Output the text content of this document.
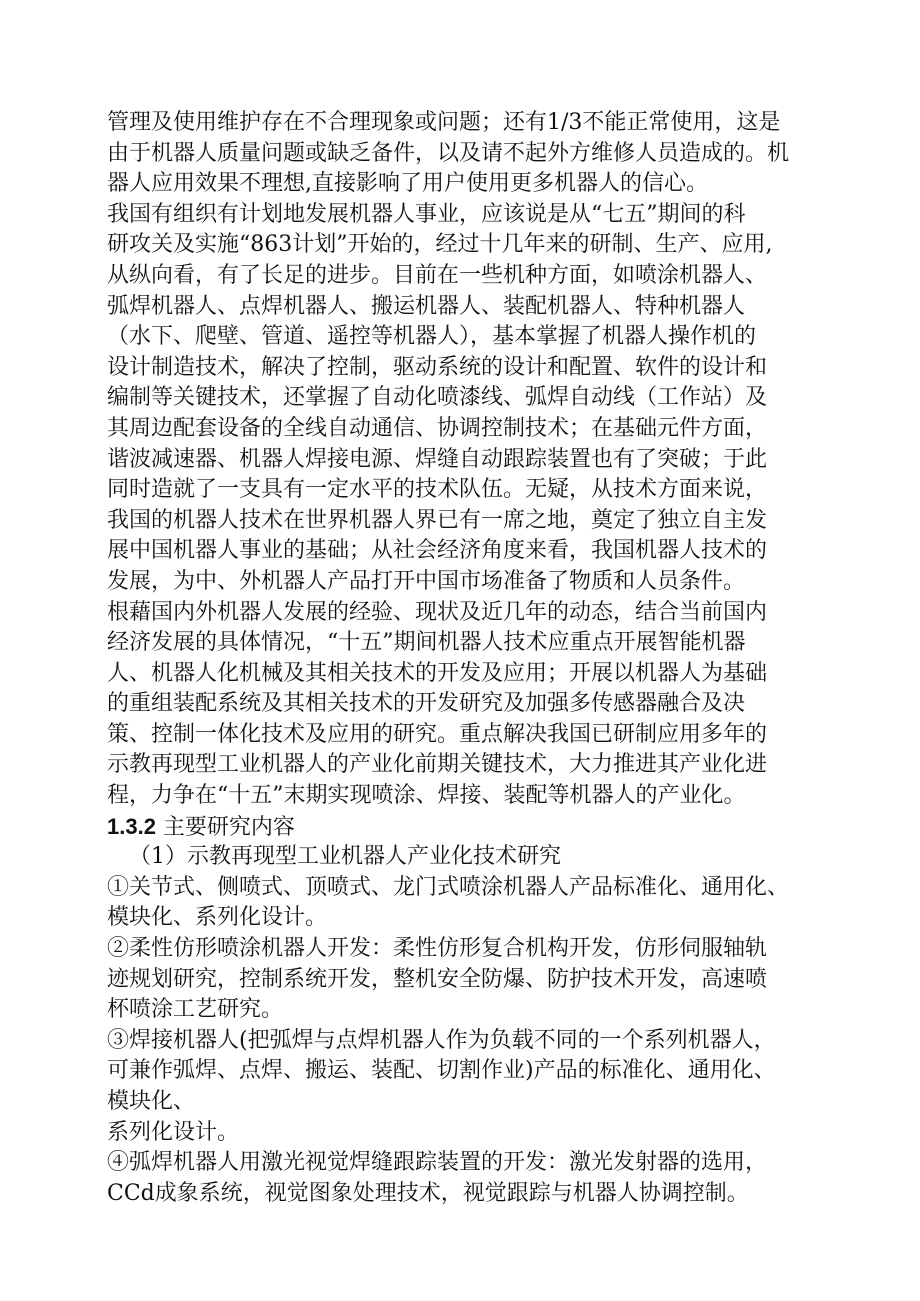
管理及使用维护存在不合理现象或问题；还有1/3不能正常使用，这是
由于机器人质量问题或缺乏备件，以及请不起外方维修人员造成的。机
器人应用效果不理想,直接影响了用户使用更多机器人的信心。
我国有组织有计划地发展机器人事业，应该说是从“七五”期间的科
研攻关及实施“863计划”开始的，经过十几年来的研制、生产、应用,
从纵向看，有了长足的进步。目前在一些机种方面，如喷涂机器人、
弧焊机器人、点焊机器人、搬运机器人、装配机器人、特种机器人
（水下、爬壁、管道、遥控等机器人），基本掌握了机器人操作机的
设计制造技术，解决了控制，驱动系统的设计和配置、软件的设计和
编制等关键技术，还掌握了自动化喷漆线、弧焊自动线（工作站）及
其周边配套设备的全线自动通信、协调控制技术；在基础元件方面，
谐波减速器、机器人焊接电源、焊缝自动跟踪装置也有了突破；于此
同时造就了一支具有一定水平的技术队伍。无疑，从技术方面来说，
我国的机器人技术在世界机器人界已有一席之地，奠定了独立自主发
展中国机器人事业的基础；从社会经济角度来看，我国机器人技术的
发展，为中、外机器人产品打开中国市场准备了物质和人员条件。
根藉国内外机器人发展的经验、现状及近几年的动态，结合当前国内
经济发展的具体情况，“十五”期间机器人技术应重点开展智能机器
人、机器人化机械及其相关技术的开发及应用；开展以机器人为基础
的重组装配系统及其相关技术的开发研究及加强多传感器融合及决
策、控制一体化技术及应用的研究。重点解决我国已研制应用多年的
示教再现型工业机器人的产业化前期关键技术，大力推进其产业化进
程，力争在“十五”末期实现喷涂、焊接、装配等机器人的产业化。
1.3.2 主要研究内容
（1）示教再现型工业机器人产业化技术研究
①关节式、侧喷式、顶喷式、龙门式喷涂机器人产品标准化、通用化、
模块化、系列化设计。
②柔性仿形喷涂机器人开发：柔性仿形复合机构开发，仿形伺服轴轨
迹规划研究，控制系统开发，整机安全防爆、防护技术开发，高速喷
杯喷涂工艺研究。
③焊接机器人(把弧焊与点焊机器人作为负载不同的一个系列机器人，
可兼作弧焊、点焊、搬运、装配、切割作业)产品的标准化、通用化、
模块化、
系列化设计。
④弧焊机器人用激光视觉焊缝跟踪装置的开发：激光发射器的选用，
CCd成象系统，视觉图象处理技术，视觉跟踪与机器人协调控制。
